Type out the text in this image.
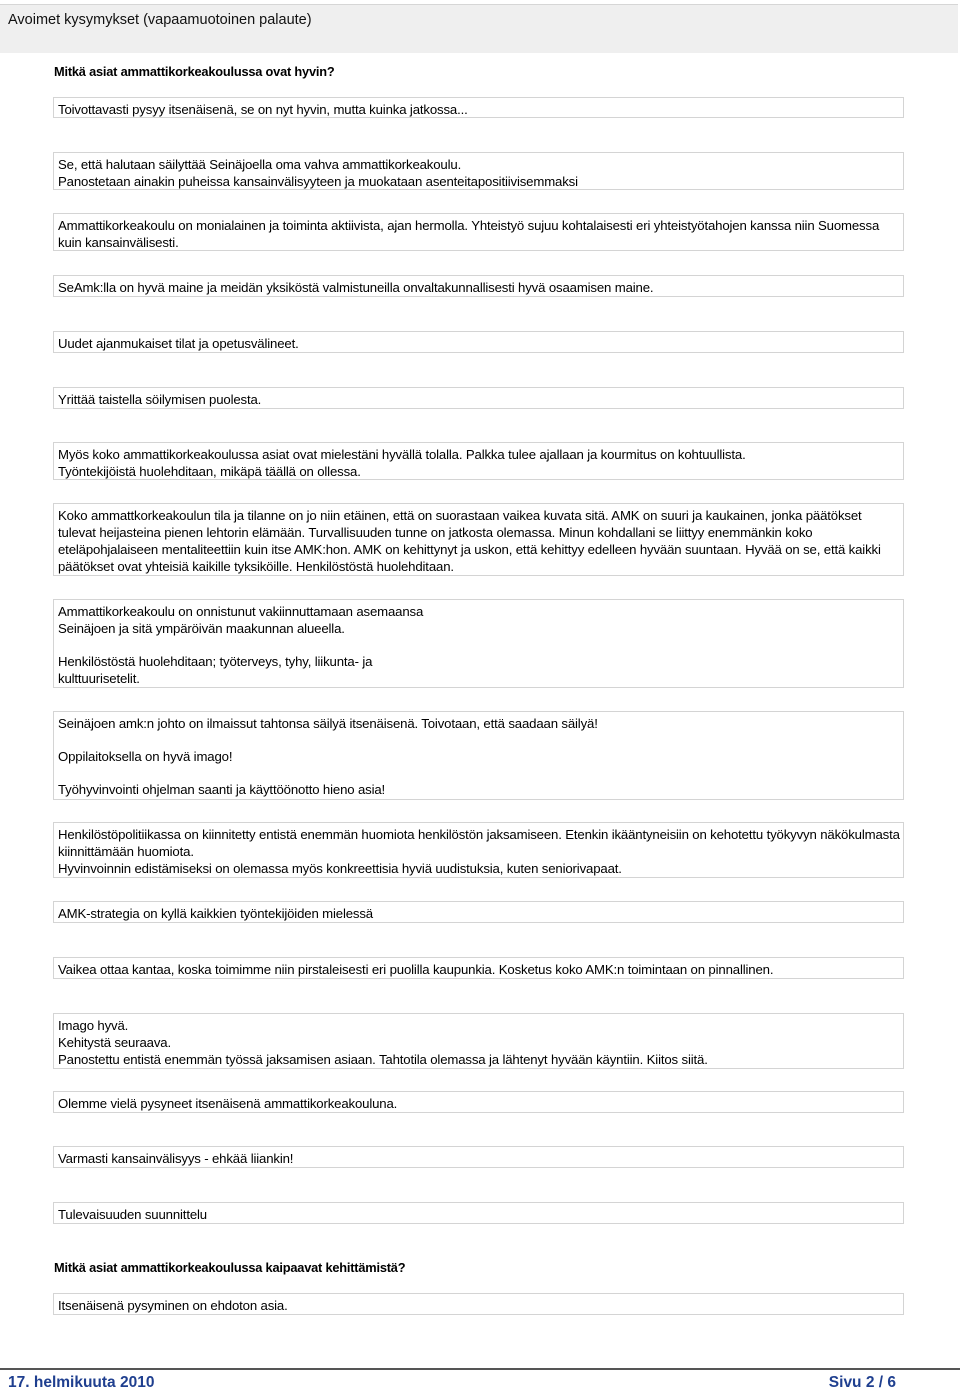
Avoimet kysymykset (vapaamuotoinen palaute)
Mitkä asiat ammattikorkeakoulussa ovat hyvin?

Toivottavasti pysyy itsenäisenä, se on nyt hyvin, mutta kuinka jatkossa...

Se, että halutaan säilyttää Seinäjoella oma vahva ammattikorkeakoulu.

Panostetaan ainakin puheissa kansainvälisyyteen ja muokataan asenteitapositiivisemmaksi

Ammattikorkeakoulu on monialainen ja toiminta aktiivista, ajan hermolla. Yhteistyö sujuu kohtalaisesti eri yhteistyötahojen kanssa niin Suomessa kuin kansainvälisesti.

SeAmk:lla on hyvä maine ja meidän yksiköstä valmistuneilla onvaltakunnallisesti hyvä osaamisen maine.

Uudet ajanmukaiset tilat ja opetusvälineet.

Yrittää taistella söilymisen puolesta.

Myös koko ammattikorkeakoulussa asiat ovat mielestäni hyvällä tolalla. Palkka tulee ajallaan ja kourmitus on kohtuullista.

Työntekijöistä huolehditaan, mikäpä täällä on ollessa.

Koko ammattkorkeakoulun tila ja tilanne on jo niin etäinen, että on suorastaan vaikea kuvata sitä. AMK on suuri ja kaukainen, jonka päätökset tulevat heijasteina pienen lehtorin elämään. Turvallisuuden tunne on jatkosta olemassa. Minun kohdallani se liittyy enemmänkin koko eteläpohjalaiseen mentaliteettiin kuin itse AMK:hon. AMK on kehittynyt ja uskon, että kehittyy edelleen hyvään suuntaan. Hyvää on se, että kaikki päätökset ovat yhteisiä kaikille tyksiköille. Henkilöstöstä huolehditaan.

Ammattikorkeakoulu on onnistunut vakiinnuttamaan asemaansa

Seinäjoen ja sitä ympäröivän maakunnan alueella.

Henkilöstöstä huolehditaan; työterveys, tyhy, liikunta- ja

kulttuurisetelit.

Seinäjoen amk:n johto on ilmaissut tahtonsa säilyä itsenäisenä. Toivotaan, että saadaan säilyä!

Oppilaitoksella on hyvä imago!

Työhyvinvointi ohjelman saanti ja käyttöönotto hieno asia!

Henkilöstöpolitiikassa on kiinnitetty entistä enemmän huomiota henkilöstön jaksamiseen. Etenkin ikääntyneisiin on kehotettu työkyvyn näkökulmasta kiinnittämään huomiota.

Hyvinvoinnin edistämiseksi on olemassa myös konkreettisia hyviä uudistuksia, kuten seniorivapaat.

AMK-strategia on kyllä kaikkien työntekijöiden mielessä

Vaikea ottaa kantaa, koska toimimme niin pirstaleisesti eri puolilla kaupunkia. Kosketus koko AMK:n toimintaan on pinnallinen.

Imago hyvä.

Kehitystä seuraava.

Panostettu entistä enemmän työssä jaksamisen asiaan. Tahtotila olemassa ja lähtenyt hyvään käyntiin. Kiitos siitä.

Olemme vielä pysyneet itsenäisenä ammattikorkeakouluna.

Varmasti kansainvälisyys - ehkää liiankin!

Tulevaisuuden suunnittelu

Mitkä asiat ammattikorkeakoulussa kaipaavat kehittämistä?

Itsenäisenä pysyminen on ehdoton asia.

17. helmikuuta 2010	Sivu 2 / 6
